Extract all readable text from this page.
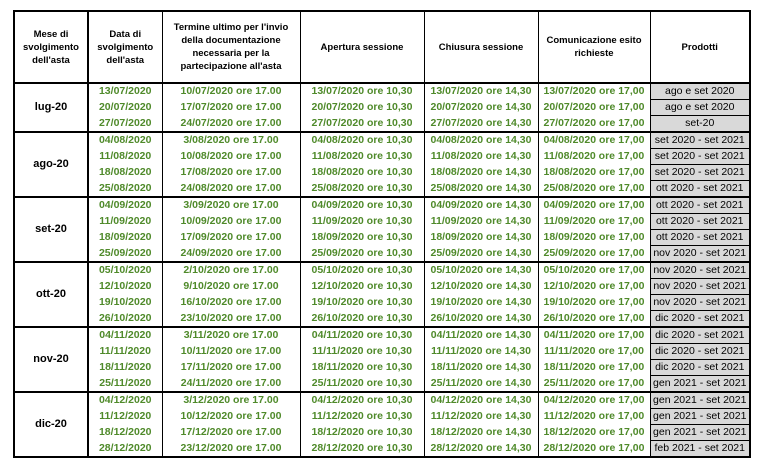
Mese di svolgimento dell'asta	Data di svolgimento dell'asta	Termine ultimo per l'invio della documentazione necessaria per la partecipazione all'asta	Apertura sessione	Chiusura sessione	Comunicazione esito richieste	Prodotti
lug-20	13/07/2020	10/07/2020 ore 17.00	13/07/2020 ore 10,30	13/07/2020 ore 14,30	13/07/2020 ore 17,00	ago e set 2020
	20/07/2020	17/07/2020 ore 17.00	20/07/2020 ore 10,30	20/07/2020 ore 14,30	20/07/2020 ore 17,00	ago e set 2020
	27/07/2020	24/07/2020 ore 17.00	27/07/2020 ore 10,30	27/07/2020 ore 14,30	27/07/2020 ore 17,00	set-20
ago-20	04/08/2020	3/08/2020 ore 17.00	04/08/2020 ore 10,30	04/08/2020 ore 14,30	04/08/2020 ore 17,00	set 2020 - set 2021
	11/08/2020	10/08/2020 ore 17.00	11/08/2020 ore 10,30	11/08/2020 ore 14,30	11/08/2020 ore 17,00	set 2020 - set 2021
	18/08/2020	17/08/2020 ore 17.00	18/08/2020 ore 10,30	18/08/2020 ore 14,30	18/08/2020 ore 17,00	set 2020 - set 2021
	25/08/2020	24/08/2020 ore 17.00	25/08/2020 ore 10,30	25/08/2020 ore 14,30	25/08/2020 ore 17,00	ott 2020 - set 2021
set-20	04/09/2020	3/09/2020 ore 17.00	04/09/2020 ore 10,30	04/09/2020 ore 14,30	04/09/2020 ore 17,00	ott 2020 - set 2021
	11/09/2020	10/09/2020 ore 17.00	11/09/2020 ore 10,30	11/09/2020 ore 14,30	11/09/2020 ore 17,00	ott 2020 - set 2021
	18/09/2020	17/09/2020 ore 17.00	18/09/2020 ore 10,30	18/09/2020 ore 14,30	18/09/2020 ore 17,00	ott 2020 - set 2021
	25/09/2020	24/09/2020 ore 17.00	25/09/2020 ore 10,30	25/09/2020 ore 14,30	25/09/2020 ore 17,00	nov 2020 - set 2021
ott-20	05/10/2020	2/10/2020 ore 17.00	05/10/2020 ore 10,30	05/10/2020 ore 14,30	05/10/2020 ore 17,00	nov 2020 - set 2021
	12/10/2020	9/10/2020 ore 17.00	12/10/2020 ore 10,30	12/10/2020 ore 14,30	12/10/2020 ore 17,00	nov 2020 - set 2021
	19/10/2020	16/10/2020 ore 17.00	19/10/2020 ore 10,30	19/10/2020 ore 14,30	19/10/2020 ore 17,00	nov 2020 - set 2021
	26/10/2020	23/10/2020 ore 17.00	26/10/2020 ore 10,30	26/10/2020 ore 14,30	26/10/2020 ore 17,00	dic 2020 - set 2021
nov-20	04/11/2020	3/11/2020 ore 17.00	04/11/2020 ore 10,30	04/11/2020 ore 14,30	04/11/2020 ore 17,00	dic 2020 - set 2021
	11/11/2020	10/11/2020 ore 17.00	11/11/2020 ore 10,30	11/11/2020 ore 14,30	11/11/2020 ore 17,00	dic 2020 - set 2021
	18/11/2020	17/11/2020 ore 17.00	18/11/2020 ore 10,30	18/11/2020 ore 14,30	18/11/2020 ore 17,00	dic 2020 - set 2021
	25/11/2020	24/11/2020 ore 17.00	25/11/2020 ore 10,30	25/11/2020 ore 14,30	25/11/2020 ore 17,00	gen 2021 - set 2021
dic-20	04/12/2020	3/12/2020 ore 17.00	04/12/2020 ore 10,30	04/12/2020 ore 14,30	04/12/2020 ore 17,00	gen 2021 - set 2021
	11/12/2020	10/12/2020 ore 17.00	11/12/2020 ore 10,30	11/12/2020 ore 14,30	11/12/2020 ore 17,00	gen 2021 - set 2021
	18/12/2020	17/12/2020 ore 17.00	18/12/2020 ore 10,30	18/12/2020 ore 14,30	18/12/2020 ore 17,00	gen 2021 - set 2021
	28/12/2020	23/12/2020 ore 17.00	28/12/2020 ore 10,30	28/12/2020 ore 14,30	28/12/2020 ore 17,00	feb 2021 - set 2021
